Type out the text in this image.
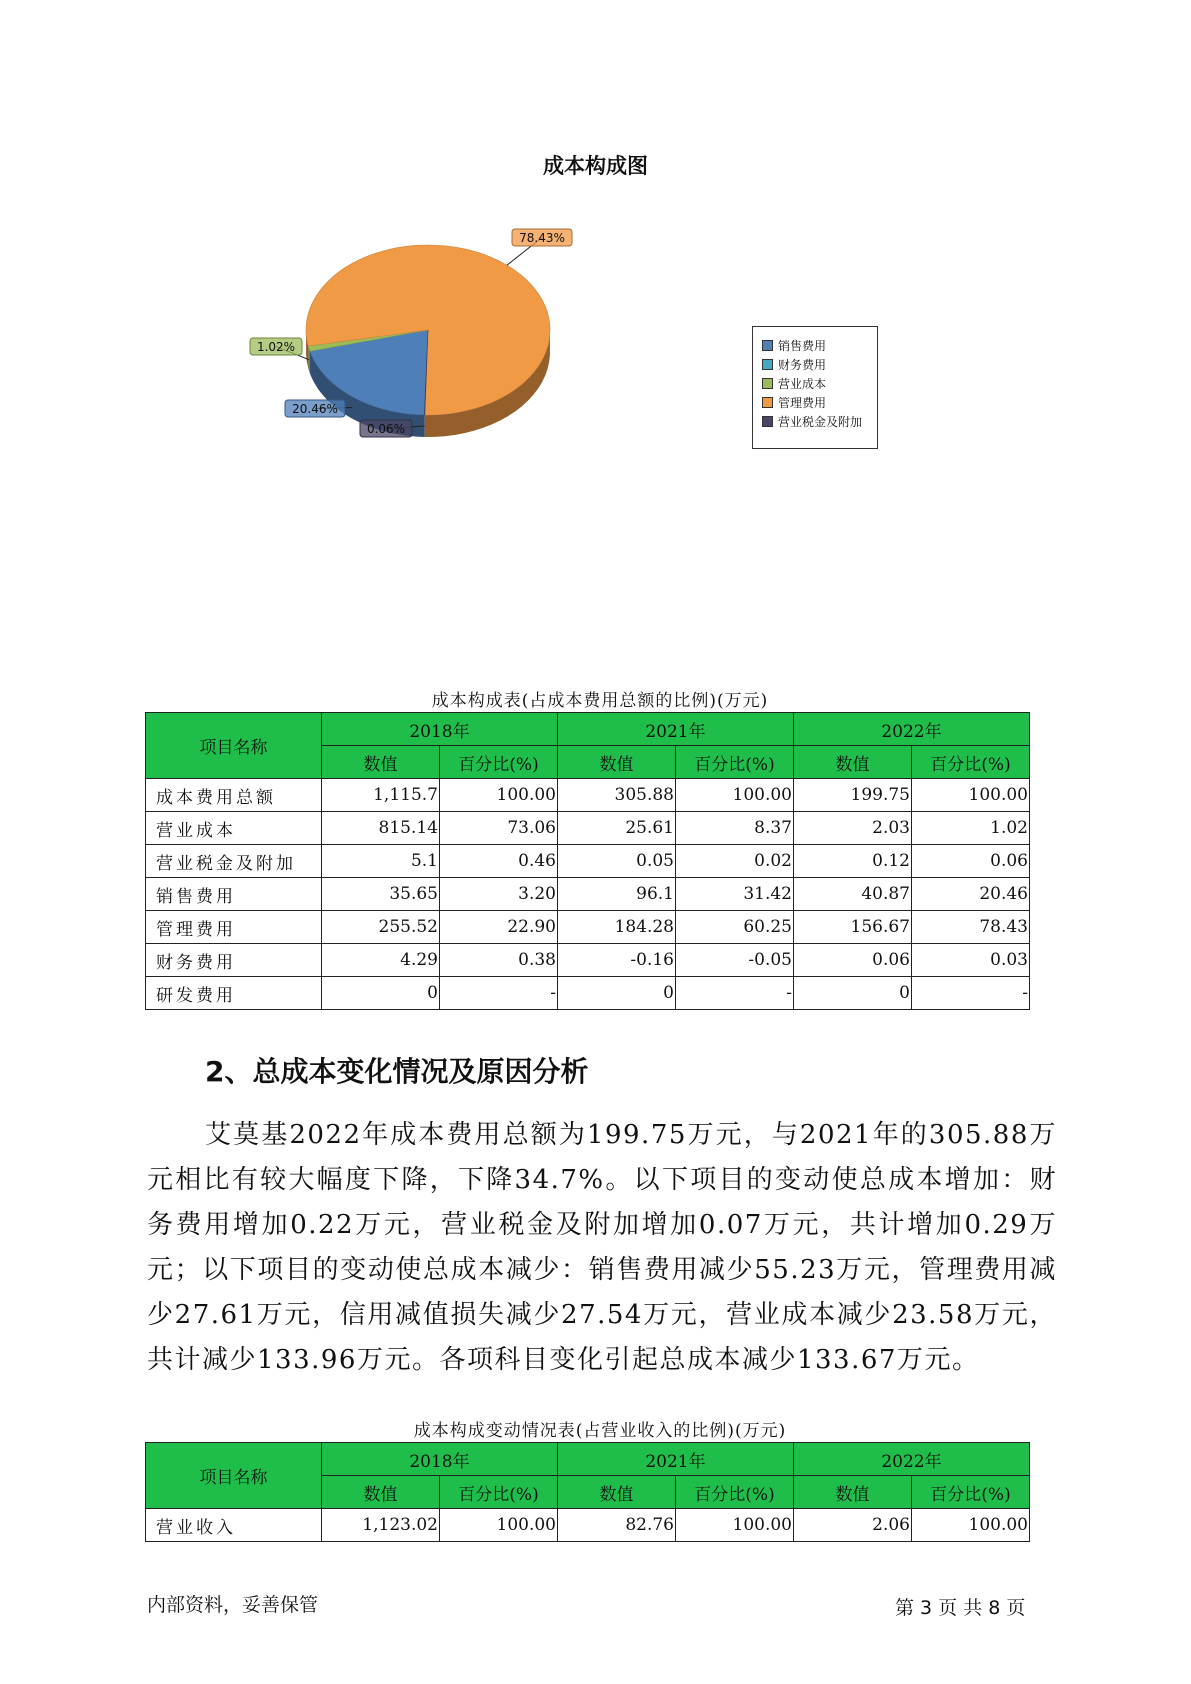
成本构成图
20.46%
1.02%
78.43%
0.06%
销售费用
财务费用
营业成本
管理费用
营业税金及附加
成本构成表(占成本费用总额的比例)(万元)
项目名称	2018年		2021年		2022年	
	数值	百分比(%)	数值	百分比(%)	数值	百分比(%)
成本费用总额	1,115.7	100.00	305.88	100.00	199.75	100.00
营业成本	815.14	73.06	25.61	8.37	2.03	1.02
营业税金及附加	5.1	0.46	0.05	0.02	0.12	0.06
销售费用	35.65	3.20	96.1	31.42	40.87	20.46
管理费用	255.52	22.90	184.28	60.25	156.67	78.43
财务费用	4.29	0.38	-0.16	-0.05	0.06	0.03
研发费用	0	-	0	-	0	-
2、总成本变化情况及原因分析
艾莫基2022年成本费用总额为199.75万元，与2021年的305.88万元相比有较大幅度下降，下降34.7%。以下项目的变动使总成本增加：财务费用增加0.22万元，营业税金及附加增加0.07万元，共计增加0.29万元；以下项目的变动使总成本减少：销售费用减少55.23万元，管理费用减少27.61万元，信用减值损失减少27.54万元，营业成本减少23.58万元，共计减少133.96万元。各项科目变化引起总成本减少133.67万元。
成本构成变动情况表(占营业收入的比例)(万元)
项目名称	2018年		2021年		2022年	
	数值	百分比(%)	数值	百分比(%)	数值	百分比(%)
营业收入	1,123.02	100.00	82.76	100.00	2.06	100.00
内部资料，妥善保管	第 3 页 共 8 页
